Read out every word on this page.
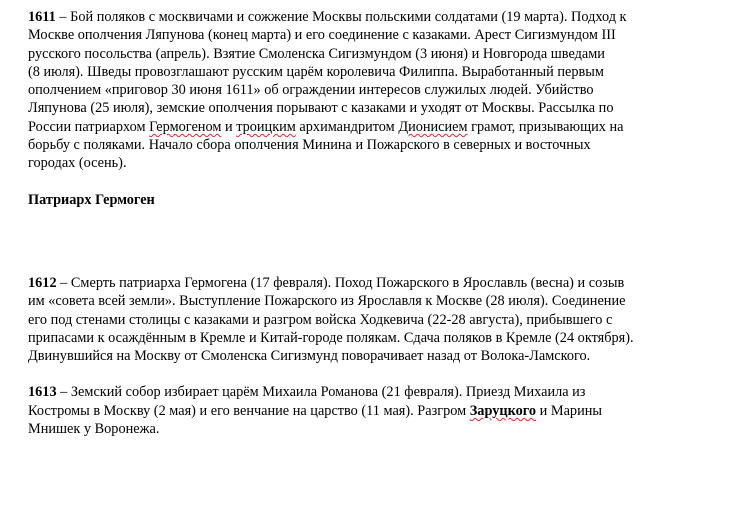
1611 – Бой поляков с москвичами и сожжение Москвы польскими солдатами (19 марта). Подход к
Москве ополчения Ляпунова (конец марта) и его соединение с казаками. Арест Сигизмундом III
русского посольства (апрель). Взятие Смоленска Сигизмундом (3 июня) и Новгорода шведами
(8 июля). Шведы провозглашают русским царём королевича Филиппа. Выработанный первым
ополчением «приговор 30 июня 1611» об ограждении интересов служилых людей. Убийство
Ляпунова (25 июля), земские ополчения порывают с казаками и уходят от Москвы. Рассылка по
России патриархом Гермогеном и троицким архимандритом Дионисием грамот, призывающих на
борьбу с поляками. Начало сбора ополчения Минина и Пожарского в северных и восточных
городах (осень).
Патриарх Гермоген
1612 – Смерть патриарха Гермогена (17 февраля). Поход Пожарского в Ярославль (весна) и созыв
им «совета всей земли». Выступление Пожарского из Ярославля к Москве (28 июля). Соединение
его под стенами столицы с казаками и разгром войска Ходкевича (22-28 августа), прибывшего с
припасами к осаждённым в Кремле и Китай-городе полякам. Сдача поляков в Кремле (24 октября).
Двинувшийся на Москву от Смоленска Сигизмунд поворачивает назад от Волока-Ламского.
1613 – Земский собор избирает царём Михаила Романова (21 февраля). Приезд Михаила из
Костромы в Москву (2 мая) и его венчание на царство (11 мая). Разгром Заруцкого и Марины
Мнишек у Воронежа.
